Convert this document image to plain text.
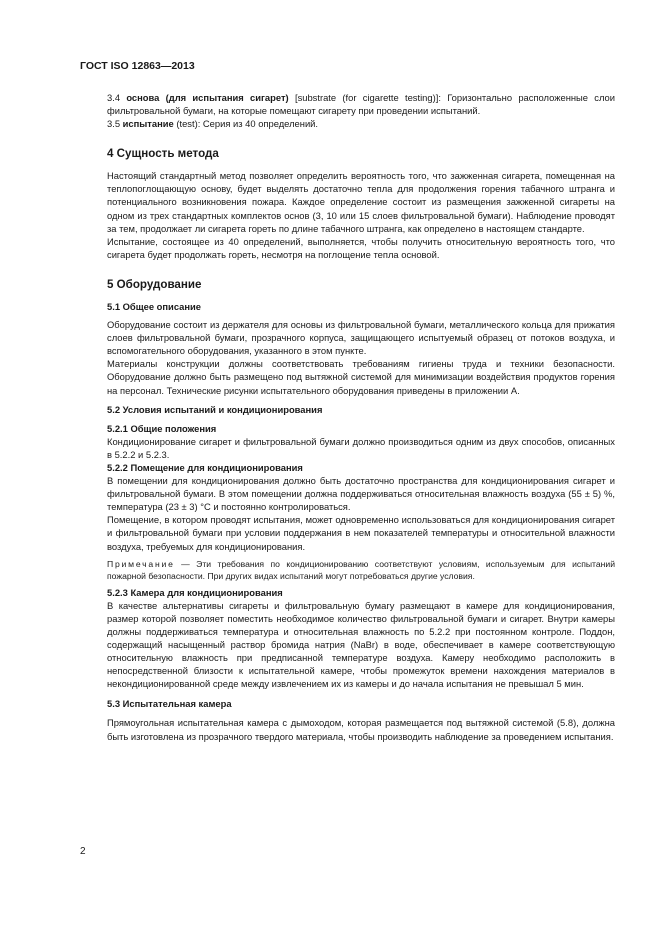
ГОСТ ISO 12863—2013

3.4 основа (для испытания сигарет) [substrate (for cigarette testing)]: Горизонтально расположенные слои фильтровальной бумаги, на которые помещают сигарету при проведении испытаний.

3.5 испытание (test): Серия из 40 определений.

4 Сущность метода

Настоящий стандартный метод позволяет определить вероятность того, что зажженная сигарета, помещенная на теплопоглощающую основу, будет выделять достаточно тепла для продолжения горения табачного штранга и потенциального возникновения пожара. Каждое определение состоит из размещения зажженной сигареты на одном из трех стандартных комплектов основ (3, 10 или 15 слоев фильтровальной бумаги). Наблюдение проводят за тем, продолжает ли сигарета гореть по длине табачного штранга, как определено в настоящем стандарте.

Испытание, состоящее из 40 определений, выполняется, чтобы получить относительную вероятность того, что сигарета будет продолжать гореть, несмотря на поглощение тепла основой.

5 Оборудование

5.1 Общее описание

Оборудование состоит из держателя для основы из фильтровальной бумаги, металлического кольца для прижатия слоев фильтровальной бумаги, прозрачного корпуса, защищающего испытуемый образец от потоков воздуха, и вспомогательного оборудования, указанного в этом пункте.

Материалы конструкции должны соответствовать требованиям гигиены труда и техники безопасности. Оборудование должно быть размещено под вытяжной системой для минимизации воздействия продуктов горения на персонал. Технические рисунки испытательного оборудования приведены в приложении А.

5.2 Условия испытаний и кондиционирования

5.2.1 Общие положения

Кондиционирование сигарет и фильтровальной бумаги должно производиться одним из двух способов, описанных в 5.2.2 и 5.2.3.

5.2.2 Помещение для кондиционирования

В помещении для кондиционирования должно быть достаточно пространства для кондиционирования сигарет и фильтровальной бумаги. В этом помещении должна поддерживаться относительная влажность воздуха (55 ± 5) %, температура (23 ± 3) °С и постоянно контролироваться.

Помещение, в котором проводят испытания, может одновременно использоваться для кондиционирования сигарет и фильтровальной бумаги при условии поддержания в нем показателей температуры и относительной влажности воздуха, требуемых для кондиционирования.

Примечание — Эти требования по кондиционированию соответствуют условиям, используемым для испытаний пожарной безопасности. При других видах испытаний могут потребоваться другие условия.

5.2.3 Камера для кондиционирования

В качестве альтернативы сигареты и фильтровальную бумагу размещают в камере для кондиционирования, размер которой позволяет поместить необходимое количество фильтровальной бумаги и сигарет. Внутри камеры должны поддерживаться температура и относительная влажность по 5.2.2 при постоянном контроле. Поддон, содержащий насыщенный раствор бромида натрия (NaBr) в воде, обеспечивает в камере соответствующую относительную влажность при предписанной температуре воздуха. Камеру необходимо расположить в непосредственной близости к испытательной камере, чтобы промежуток времени нахождения материалов в некондиционированной среде между извлечением их из камеры и до начала испытания не превышал 5 мин.

5.3 Испытательная камера

Прямоугольная испытательная камера с дымоходом, которая размещается под вытяжной системой (5.8), должна быть изготовлена из прозрачного твердого материала, чтобы производить наблюдение за проведением испытания.

2
